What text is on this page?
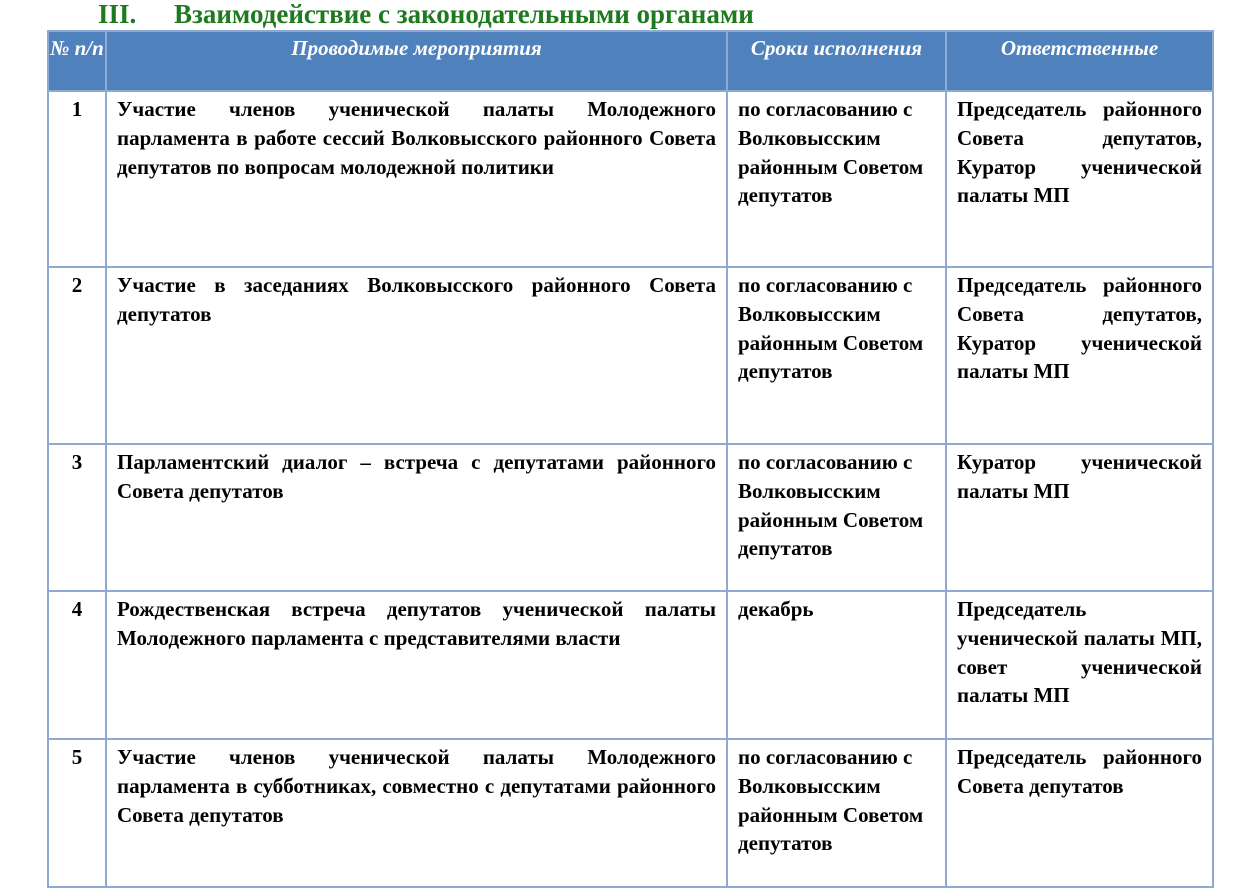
III. Взаимодействие с законодательными органами
№ п/п	Проводимые мероприятия	Сроки исполнения	Ответственные

1	Участие членов ученической палаты Молодежного парламента в работе сессий Волковысского районного Совета депутатов по вопросам молодежной политики	по согласованию с Волковысским районным Советом депутатов	Председатель районного Совета депутатов, Куратор ученической палаты МП
2	Участие в заседаниях Волковысского районного Совета депутатов	по согласованию с Волковысским районным Советом депутатов	Председатель районного Совета депутатов, Куратор ученической палаты МП
3	Парламентский диалог – встреча с депутатами районного Совета депутатов	по согласованию с Волковысским районным Советом депутатов	Куратор ученической палаты МП
4	Рождественская встреча депутатов ученической палаты Молодежного парламента с представителями власти	декабрь	Председатель ученической палаты МП, совет ученической палаты МП
5	Участие членов ученической палаты Молодежного парламента в субботниках, совместно с депутатами районного Совета депутатов	по согласованию с Волковысским районным Советом депутатов	Председатель районного Совета депутатов
